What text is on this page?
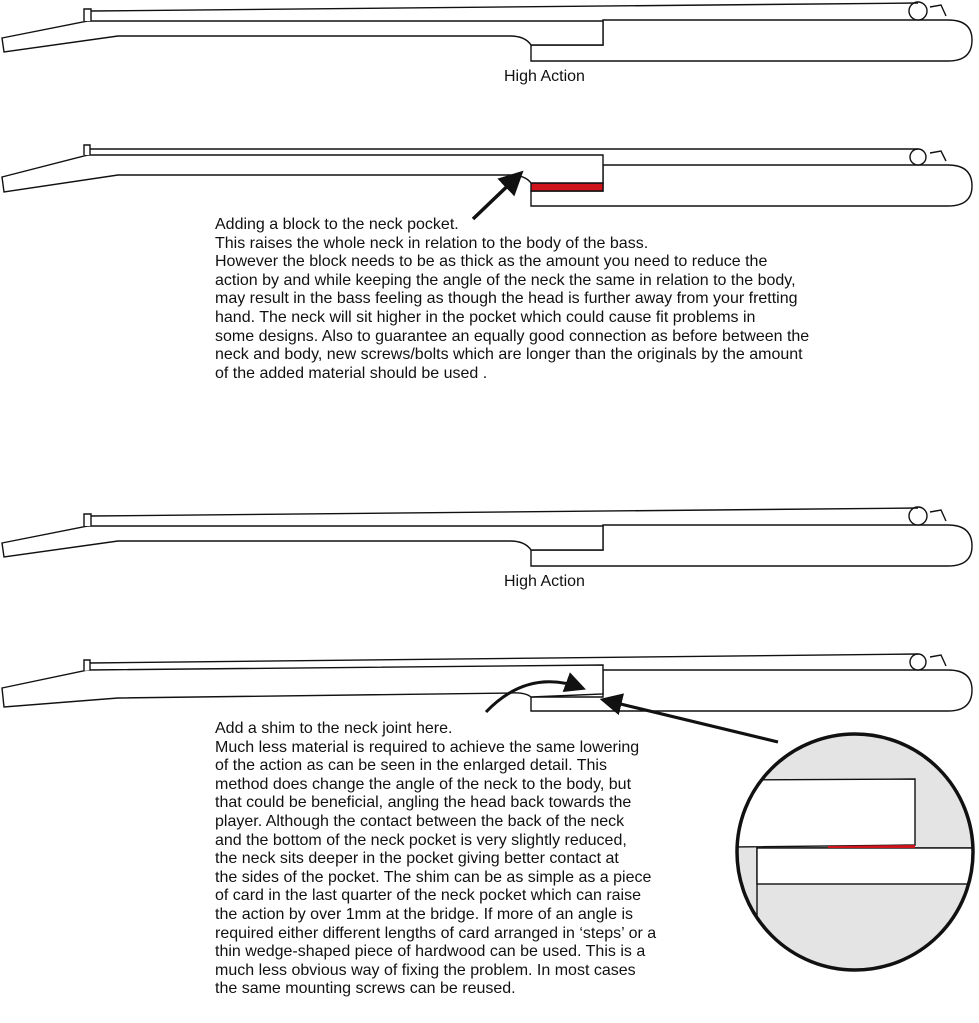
High Action
Adding a block to the neck pocket.
This raises the whole neck in relation to the body of the bass.
However the block needs to be as thick as the amount you need to reduce the
action by and while keeping the angle of the neck the same in relation to the body,
may result in the bass feeling as though the head is further away from your fretting
hand. The neck will sit higher in the pocket which could cause fit problems in
some designs. Also to guarantee an equally good connection as before between the
neck and body, new screws/bolts which are longer than the originals by the amount
of the added material should be used .
High Action
Add a shim to the neck joint here.
Much less material is required to achieve the same lowering
of the action as can be seen in the enlarged detail. This
method does change the angle of the neck to the body, but
that could be beneficial, angling the head back towards the
player. Although the contact between the back of the neck
and the bottom of the neck pocket is very slightly reduced,
the neck sits deeper in the pocket giving better contact at
the sides of the pocket. The shim can be as simple as a piece
of card in the last quarter of the neck pocket which can raise
the action by over 1mm at the bridge. If more of an angle is
required either different lengths of card arranged in ‘steps’ or a
thin wedge-shaped piece of hardwood can be used. This is a
much less obvious way of fixing the problem. In most cases
the same mounting screws can be reused.
